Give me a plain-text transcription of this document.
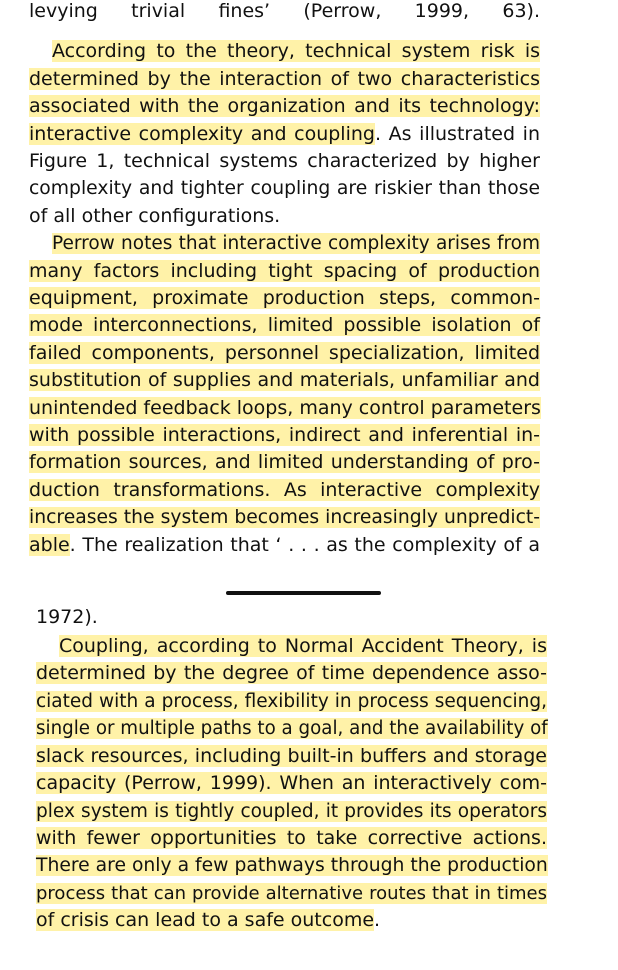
levying trivial fines’ (Perrow, 1999, 63).
According to the theory, technical system risk is
determined by the interaction of two characteristics
associated with the organization and its technology:
interactive complexity and coupling. As illustrated in
Figure 1, technical systems characterized by higher
complexity and tighter coupling are riskier than those
of all other configurations.
Perrow notes that interactive complexity arises from
many factors including tight spacing of production
equipment, proximate production steps, common-
mode interconnections, limited possible isolation of
failed components, personnel specialization, limited
substitution of supplies and materials, unfamiliar and
unintended feedback loops, many control parameters
with possible interactions, indirect and inferential in-
formation sources, and limited understanding of pro-
duction transformations. As interactive complexity
increases the system becomes increasingly unpredict-
able. The realization that ‘ . . . as the complexity of a
1972).
Coupling, according to Normal Accident Theory, is
determined by the degree of time dependence asso-
ciated with a process, flexibility in process sequencing,
single or multiple paths to a goal, and the availability of
slack resources, including built-in buffers and storage
capacity (Perrow, 1999). When an interactively com-
plex system is tightly coupled, it provides its operators
with fewer opportunities to take corrective actions.
There are only a few pathways through the production
process that can provide alternative routes that in times
of crisis can lead to a safe outcome.
